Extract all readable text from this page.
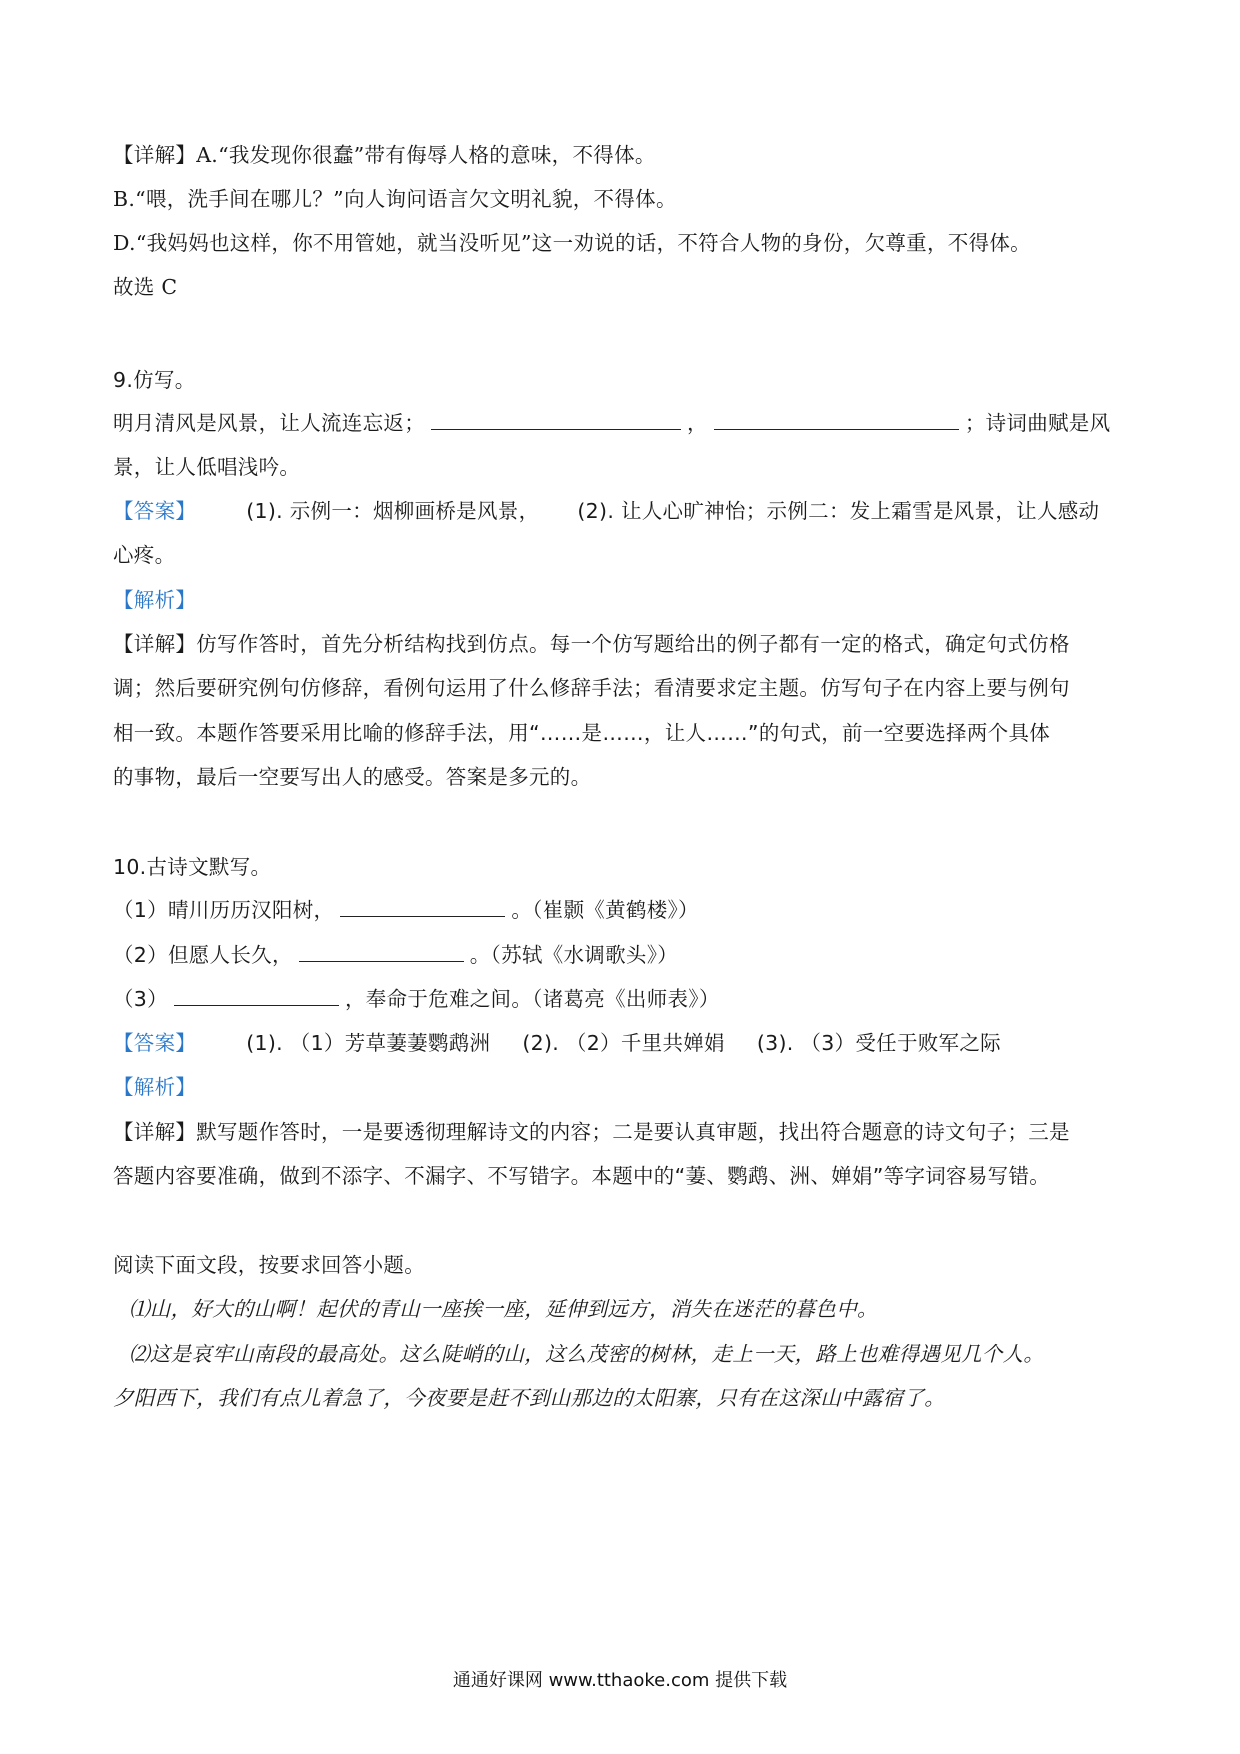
【详解】A.“我发现你很蠢”带有侮辱人格的意味，不得体。
B.“喂，洗手间在哪儿？”向人询问语言欠文明礼貌，不得体。
D.“我妈妈也这样，你不用管她，就当没听见”这一劝说的话，不符合人物的身份，欠尊重，不得体。
故选 C
9.仿写。
明月清风是风景，让人流连忘返；	，	；诗词曲赋是风
景，让人低唱浅吟。
【答案】 (1). 示例一：烟柳画桥是风景， (2). 让人心旷神怡；示例二：发上霜雪是风景，让人感动
心疼。
【解析】
【详解】仿写作答时，首先分析结构找到仿点。每一个仿写题给出的例子都有一定的格式，确定句式仿格
调；然后要研究例句仿修辞，看例句运用了什么修辞手法；看清要求定主题。仿写句子在内容上要与例句
相一致。本题作答要采用比喻的修辞手法，用“……是……，让人……”的句式，前一空要选择两个具体
的事物，最后一空要写出人的感受。答案是多元的。
10.古诗文默写。
（1）晴川历历汉阳树，	。（崔颢《黄鹤楼》）
（2）但愿人长久，	。（苏轼《水调歌头》）
（3）	，奉命于危难之间。（诸葛亮《出师表》）
【答案】 (1). （1）芳草萋萋鹦鹉洲 (2). （2）千里共婵娟 (3). （3）受任于败军之际
【解析】
【详解】默写题作答时，一是要透彻理解诗文的内容；二是要认真审题，找出符合题意的诗文句子；三是
答题内容要准确，做到不添字、不漏字、不写错字。本题中的“萋、鹦鹉、洲、婵娟”等字词容易写错。
阅读下面文段，按要求回答小题。
⑴山，好大的山啊！起伏的青山一座挨一座，延伸到远方，消失在迷茫的暮色中。
⑵这是哀牢山南段的最高处。这么陡峭的山，这么茂密的树林，走上一天，路上也难得遇见几个人。
夕阳西下，我们有点儿着急了，今夜要是赶不到山那边的太阳寨，只有在这深山中露宿了。
通通好课网 www.tthaoke.com 提供下载
